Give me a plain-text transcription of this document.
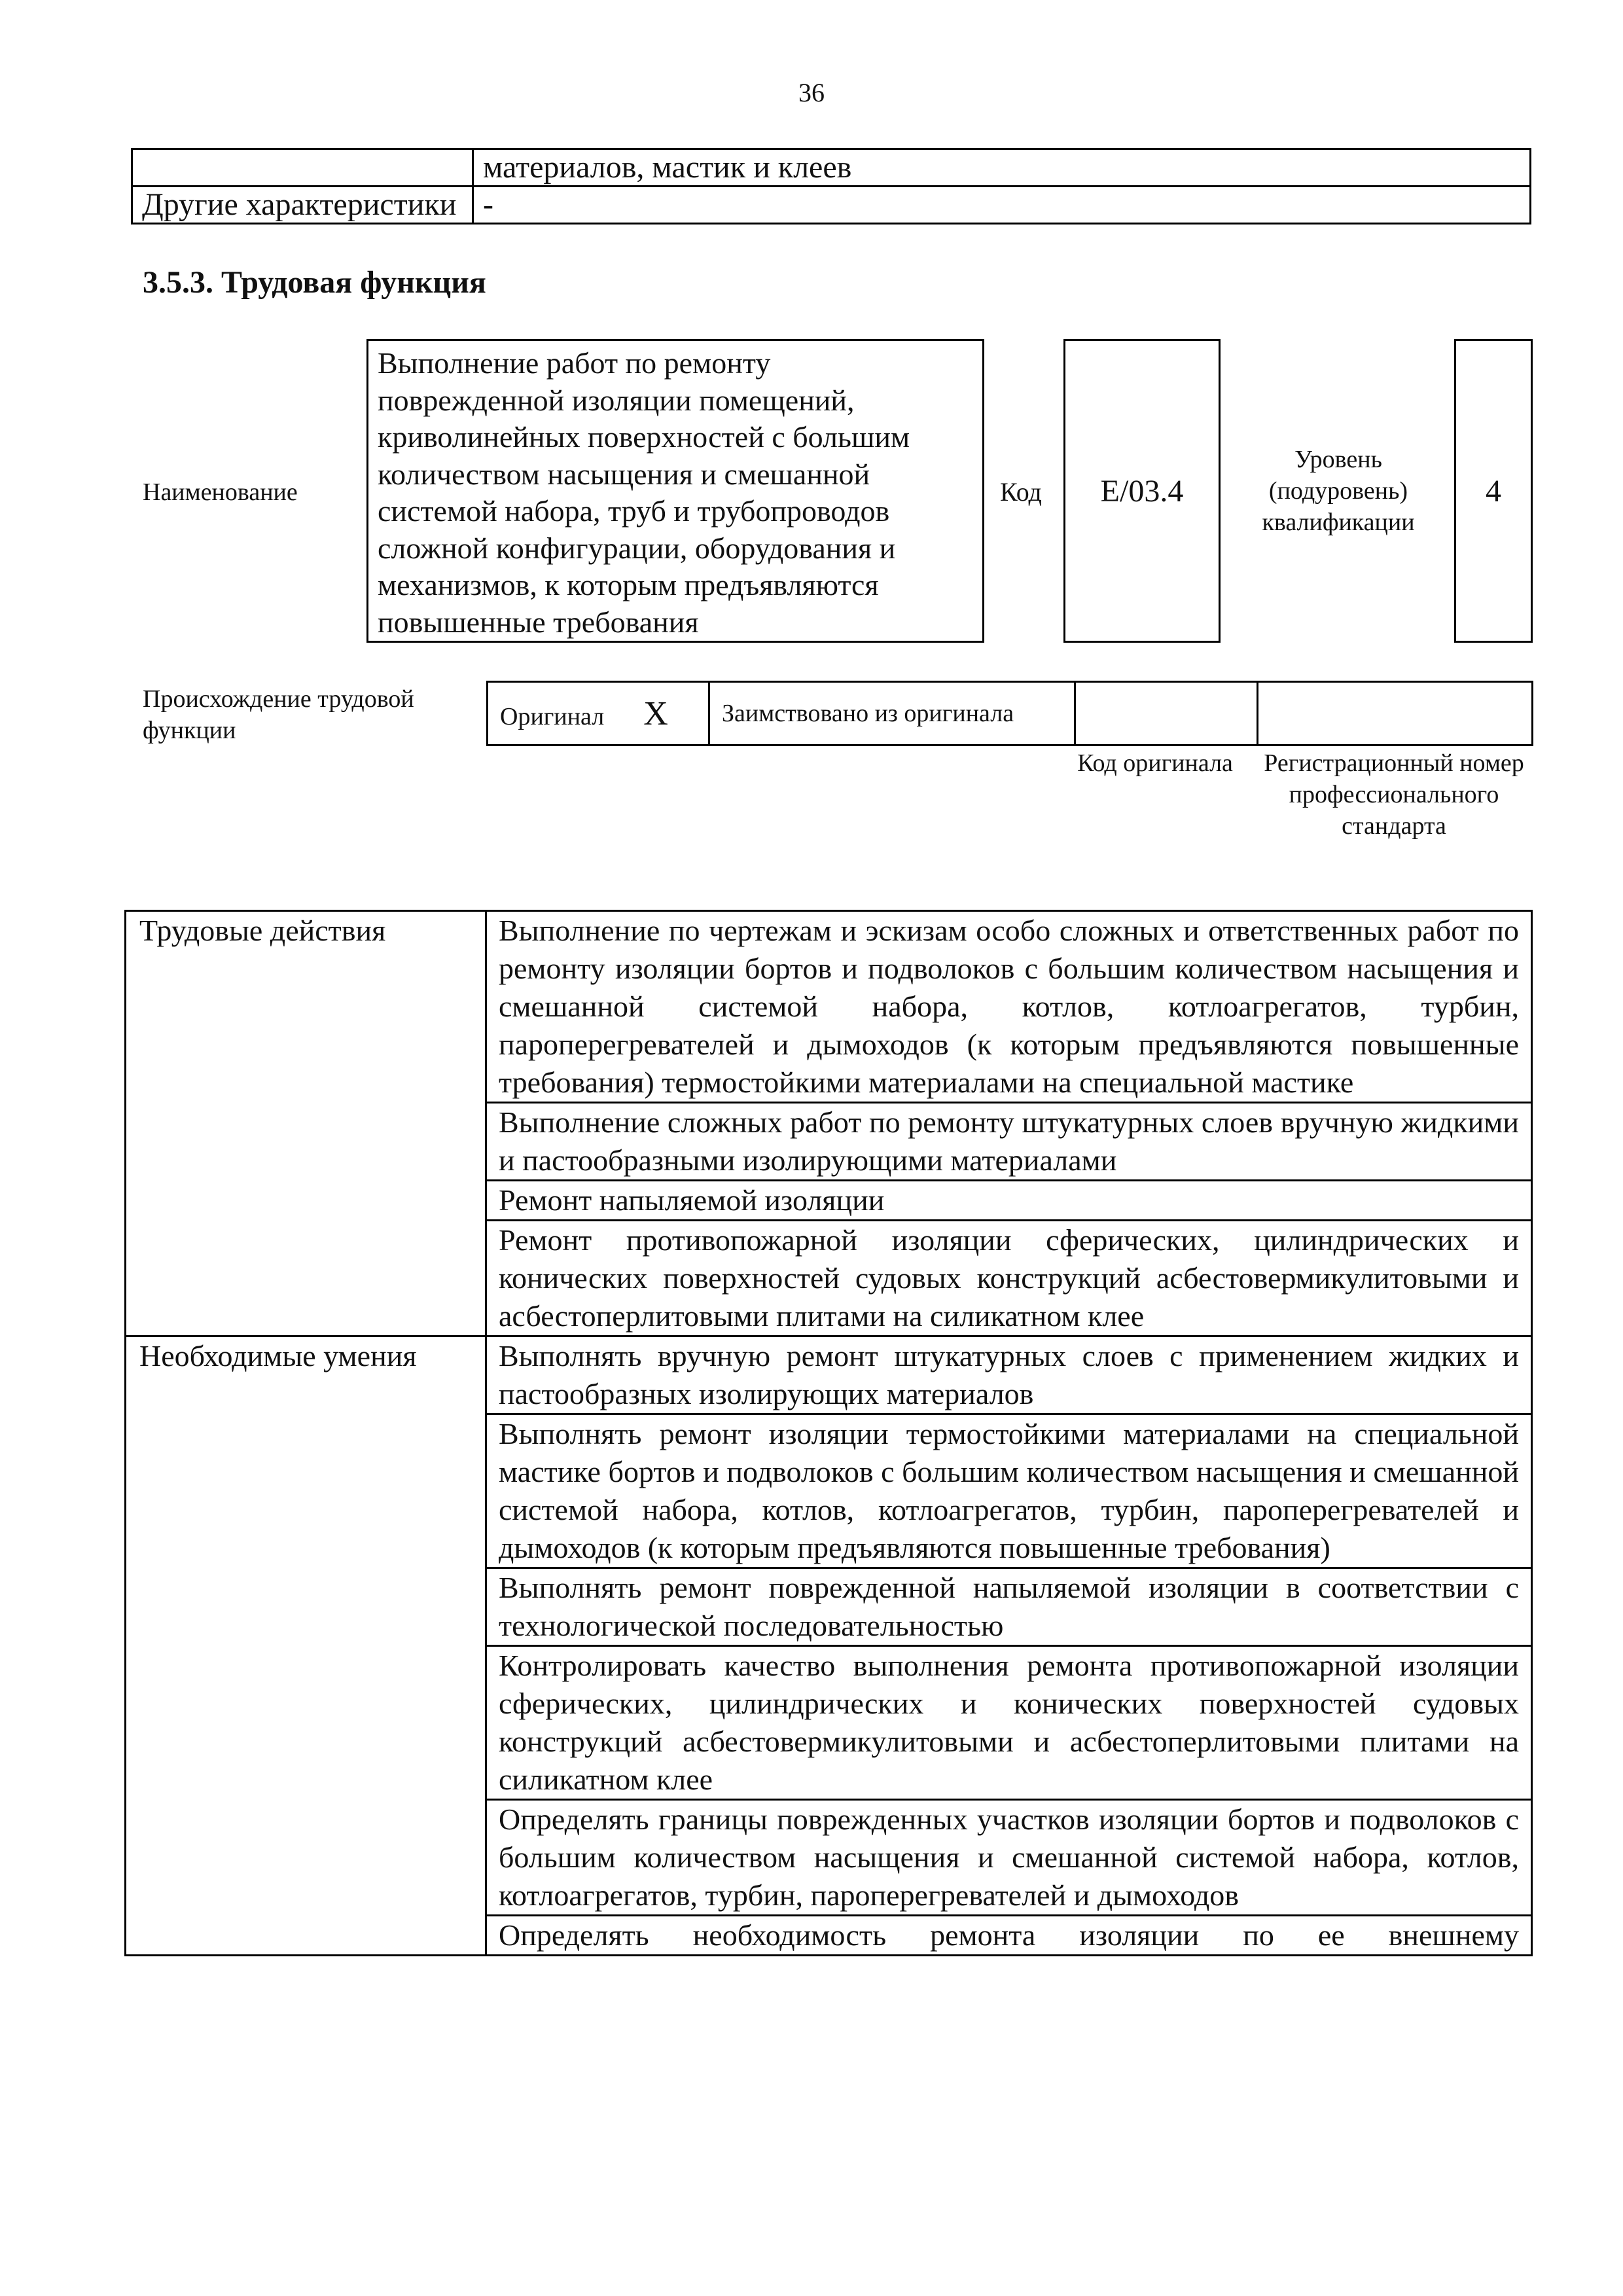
36
	материалов, мастик и клеев
Другие характеристики	-
3.5.3. Трудовая функция
Наименование
Выполнение работ по ремонту
поврежденной изоляции помещений,
криволинейных поверхностей с большим
количеством насыщения и смешанной
системой набора, труб и трубопроводов
сложной конфигурации, оборудования и
механизмов, к которым предъявляются
повышенные требования
Код E/03.4
Уровень
(подуровень)
квалификации
4
Происхождение трудовой функции
Оригинал X	Заимствовано из оригинала		
Код оригинала	Регистрационный номер профессионального стандарта
Трудовые действия	Выполнение по чертежам и эскизам особо сложных и ответственных работ по ремонту изоляции бортов и подволоков с большим количеством насыщения и смешанной системой набора, котлов, котлоагрегатов, турбин, пароперегревателей и дымоходов (к которым предъявляются повышенные требования) термостойкими материалами на специальной мастике
	Выполнение сложных работ по ремонту штукатурных слоев вручную жидкими и пастообразными изолирующими материалами
	Ремонт напыляемой изоляции
	Ремонт противопожарной изоляции сферических, цилиндрических и конических поверхностей судовых конструкций асбестовермикулитовыми и асбестоперлитовыми плитами на силикатном клее
Необходимые умения	Выполнять вручную ремонт штукатурных слоев с применением жидких и пастообразных изолирующих материалов
	Выполнять ремонт изоляции термостойкими материалами на специальной мастике бортов и подволоков с большим количеством насыщения и смешанной системой набора, котлов, котлоагрегатов, турбин, пароперегревателей и дымоходов (к которым предъявляются повышенные требования)
	Выполнять ремонт поврежденной напыляемой изоляции в соответствии с технологической последовательностью
	Контролировать качество выполнения ремонта противопожарной изоляции сферических, цилиндрических и конических поверхностей судовых конструкций асбестовермикулитовыми и асбестоперлитовыми плитами на силикатном клее
	Определять границы поврежденных участков изоляции бортов и подволоков с большим количеством насыщения и смешанной системой набора, котлов, котлоагрегатов, турбин, пароперегревателей и дымоходов
	Определять необходимость ремонта изоляции по ее внешнему
